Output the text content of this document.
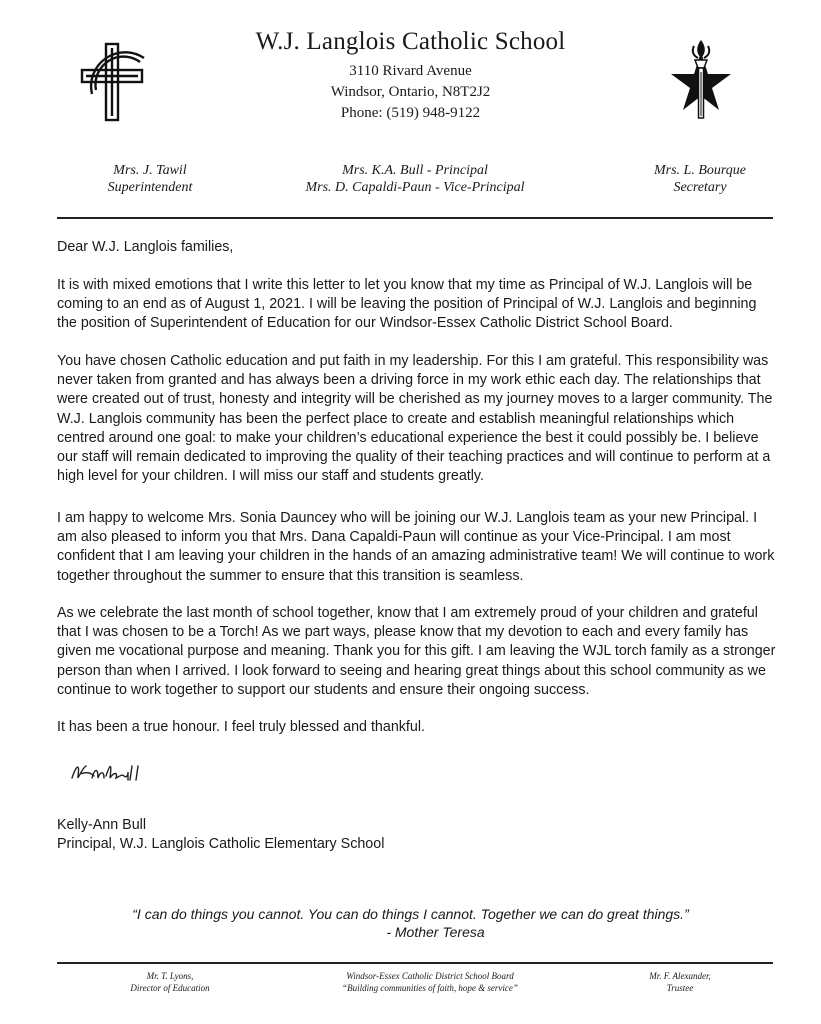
W.J. Langlois Catholic School
3110 Rivard Avenue
Windsor, Ontario, N8T2J2
Phone: (519) 948-9122
Mrs. J. Tawil
Superintendent
Mrs. K.A. Bull - Principal
Mrs. D. Capaldi-Paun - Vice-Principal
Mrs. L. Bourque
Secretary

Dear W.J. Langlois families,

It is with mixed emotions that I write this letter to let you know that my time as Principal of W.J. Langlois will be coming to an end as of August 1, 2021. I will be leaving the position of Principal of W.J. Langlois and beginning the position of Superintendent of Education for our Windsor-Essex Catholic District School Board.

You have chosen Catholic education and put faith in my leadership. For this I am grateful. This responsibility was never taken from granted and has always been a driving force in my work ethic each day. The relationships that were created out of trust, honesty and integrity will be cherished as my journey moves to a larger community. The W.J. Langlois community has been the perfect place to create and establish meaningful relationships which centred around one goal: to make your children’s educational experience the best it could possibly be. I believe our staff will remain dedicated to improving the quality of their teaching practices and will continue to perform at a high level for your children. I will miss our staff and students greatly.

I am happy to welcome Mrs. Sonia Dauncey who will be joining our W.J. Langlois team as your new Principal. I am also pleased to inform you that Mrs. Dana Capaldi-Paun will continue as your Vice-Principal. I am most confident that I am leaving your children in the hands of an amazing administrative team! We will continue to work together throughout the summer to ensure that this transition is seamless.

As we celebrate the last month of school together, know that I am extremely proud of your children and grateful that I was chosen to be a Torch! As we part ways, please know that my devotion to each and every family has given me vocational purpose and meaning. Thank you for this gift. I am leaving the WJL torch family as a stronger person than when I arrived. I look forward to seeing and hearing great things about this school community as we continue to work together to support our students and ensure their ongoing success.

It has been a true honour. I feel truly blessed and thankful.

Kelly-Ann Bull

Principal, W.J. Langlois Catholic Elementary School

“I can do things you cannot. You can do things I cannot. Together we can do great things.”
- Mother Teresa
Mr. T. Lyons,
Director of Education
Windsor-Essex Catholic District School Board
“Building communities of faith, hope & service”
Mr. F. Alexander,
Trustee
